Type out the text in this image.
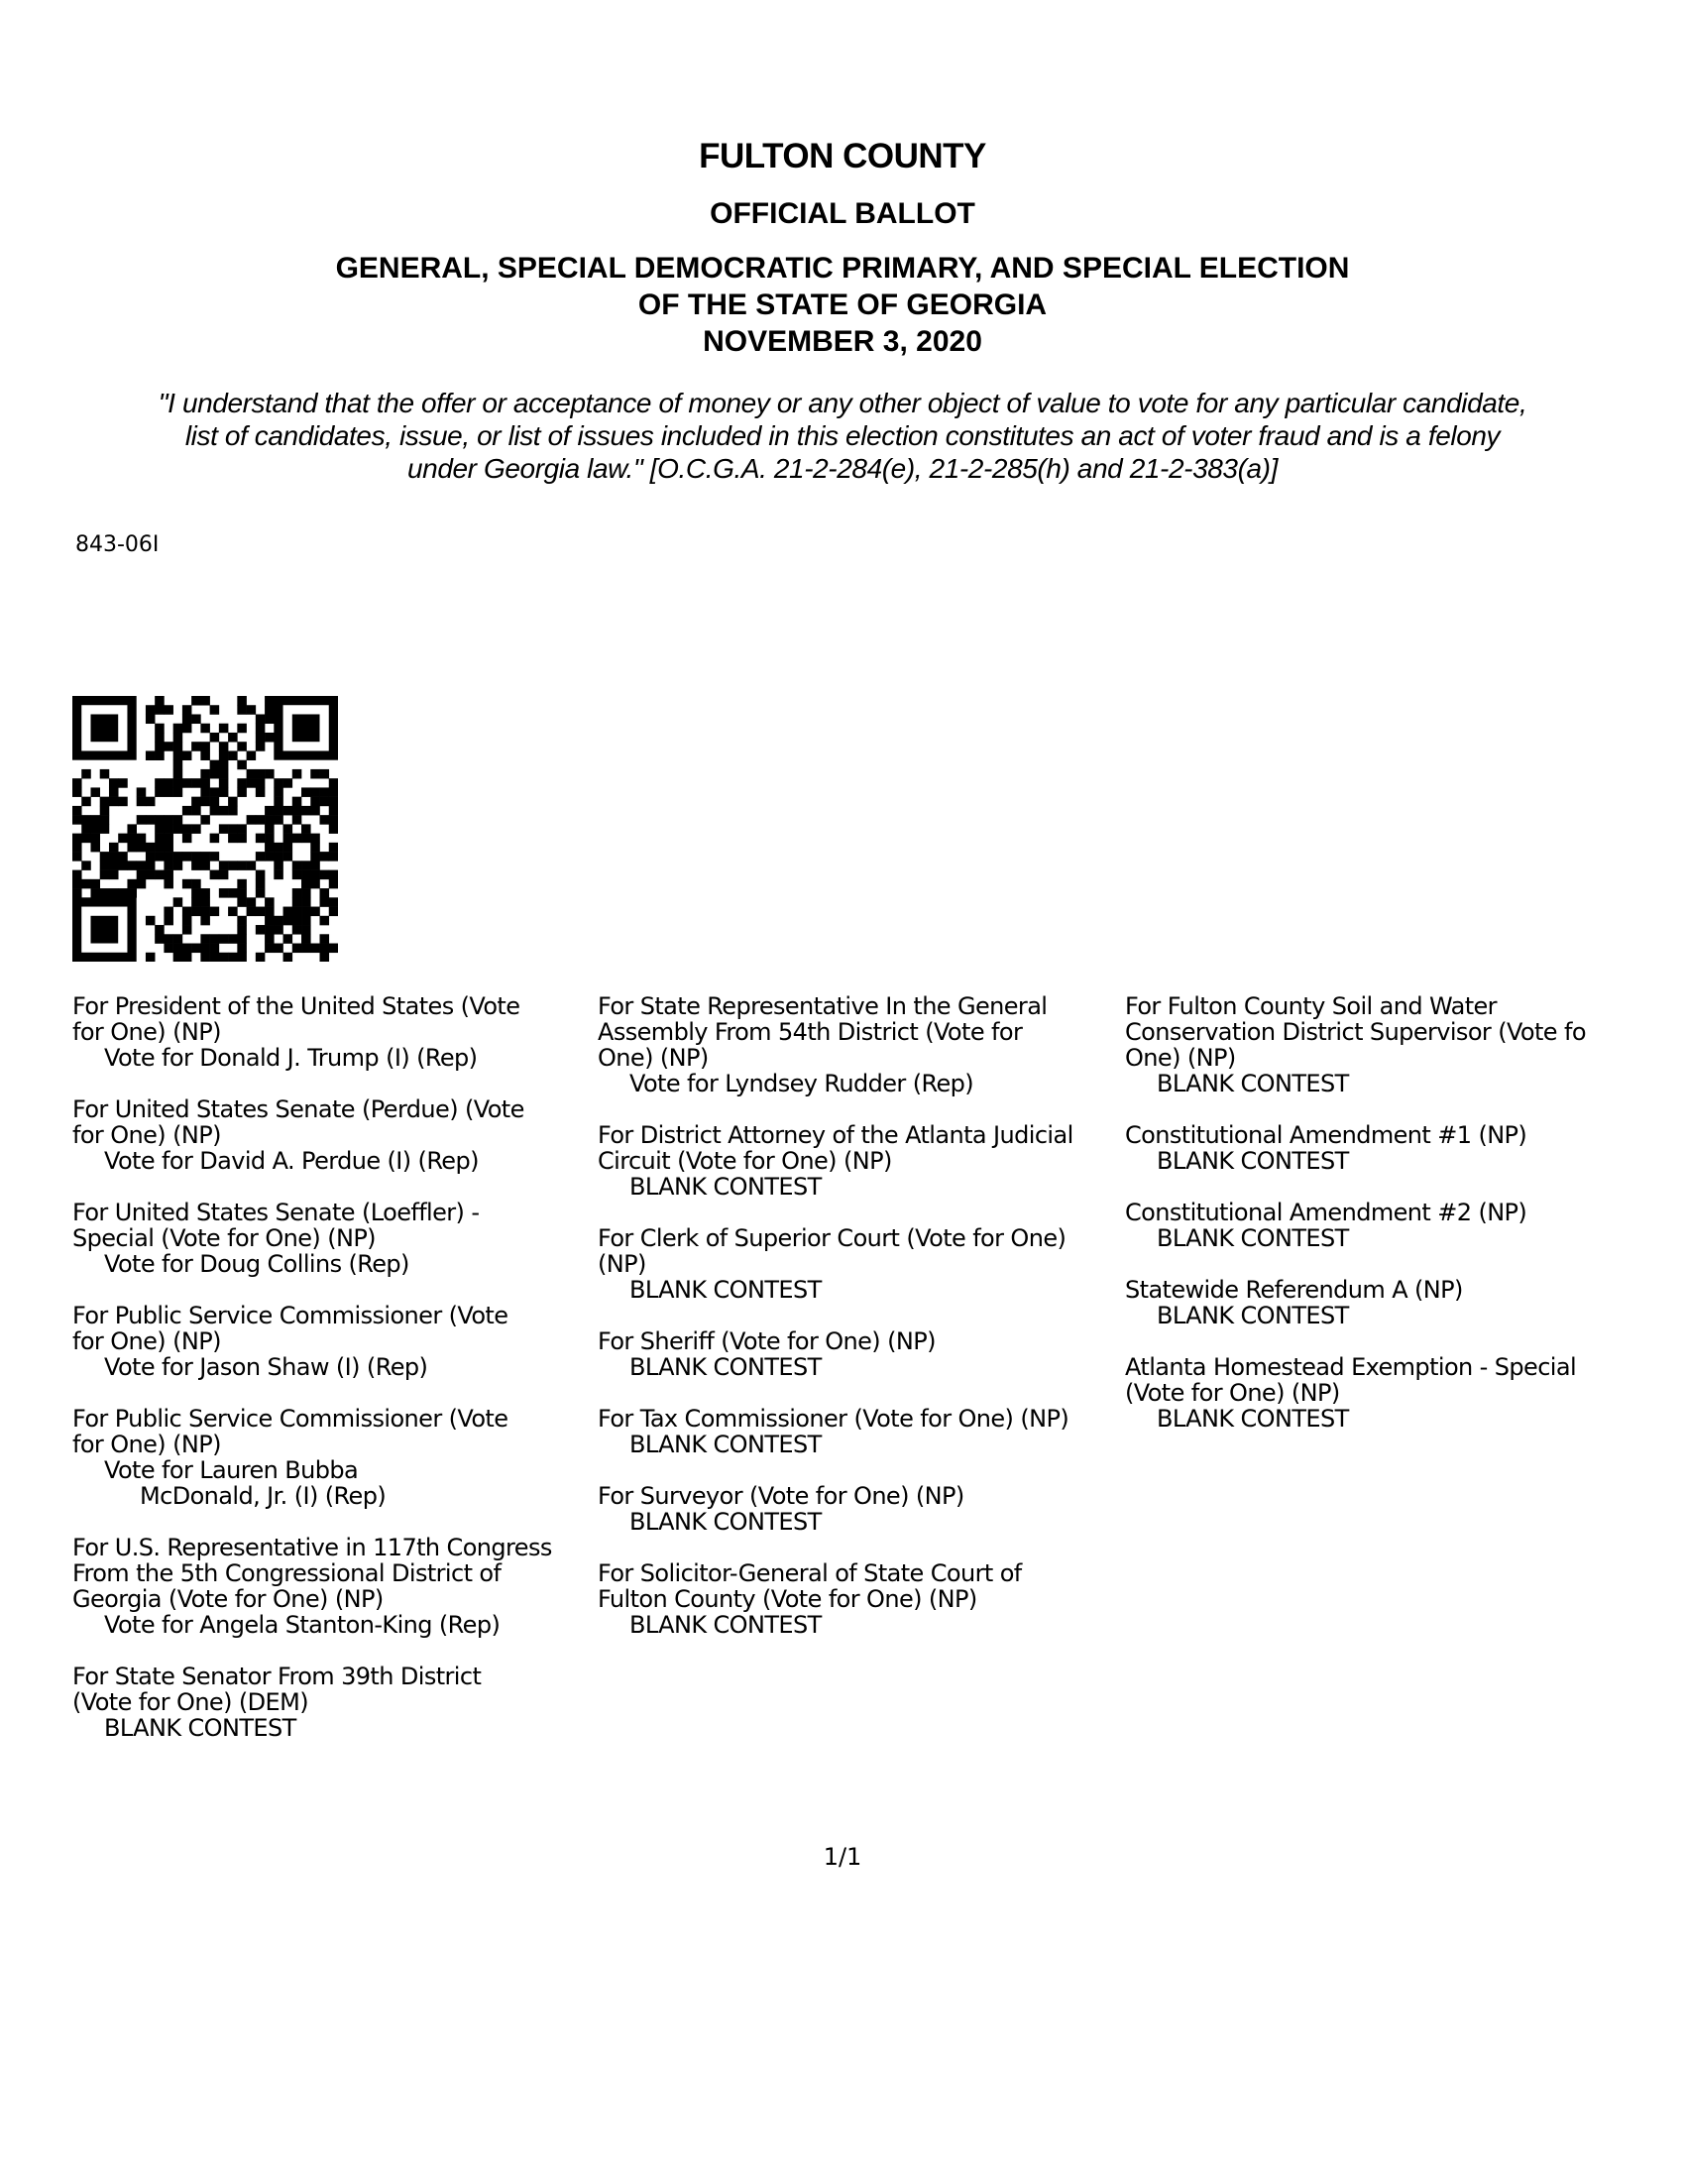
FULTON COUNTY
OFFICIAL BALLOT
GENERAL, SPECIAL DEMOCRATIC PRIMARY, AND SPECIAL ELECTION
OF THE STATE OF GEORGIA
NOVEMBER 3, 2020
"I understand that the offer or acceptance of money or any other object of value to vote for any particular candidate,
list of candidates, issue, or list of issues included in this election constitutes an act of voter fraud and is a felony
under Georgia law." [O.C.G.A. 21-2-284(e), 21-2-285(h) and 21-2-383(a)]
843-06I
For President of the United States (Vote
for One) (NP)
Vote for Donald J. Trump (I) (Rep)
For United States Senate (Perdue) (Vote
for One) (NP)
Vote for David A. Perdue (I) (Rep)
For United States Senate (Loeffler) -
Special (Vote for One) (NP)
Vote for Doug Collins (Rep)
For Public Service Commissioner (Vote
for One) (NP)
Vote for Jason Shaw (I) (Rep)
For Public Service Commissioner (Vote
for One) (NP)
Vote for Lauren Bubba
McDonald, Jr. (I) (Rep)
For U.S. Representative in 117th Congress
From the 5th Congressional District of
Georgia (Vote for One) (NP)
Vote for Angela Stanton-King (Rep)
For State Senator From 39th District
(Vote for One) (DEM)
BLANK CONTEST
For State Representative In the General
Assembly From 54th District (Vote for
One) (NP)
Vote for Lyndsey Rudder (Rep)
For District Attorney of the Atlanta Judicial
Circuit (Vote for One) (NP)
BLANK CONTEST
For Clerk of Superior Court (Vote for One)
(NP)
BLANK CONTEST
For Sheriff (Vote for One) (NP)
BLANK CONTEST
For Tax Commissioner (Vote for One) (NP)
BLANK CONTEST
For Surveyor (Vote for One) (NP)
BLANK CONTEST
For Solicitor-General of State Court of
Fulton County (Vote for One) (NP)
BLANK CONTEST
For Fulton County Soil and Water
Conservation District Supervisor (Vote fo
One) (NP)
BLANK CONTEST
Constitutional Amendment #1 (NP)
BLANK CONTEST
Constitutional Amendment #2 (NP)
BLANK CONTEST
Statewide Referendum A (NP)
BLANK CONTEST
Atlanta Homestead Exemption - Special
(Vote for One) (NP)
BLANK CONTEST
1/1
